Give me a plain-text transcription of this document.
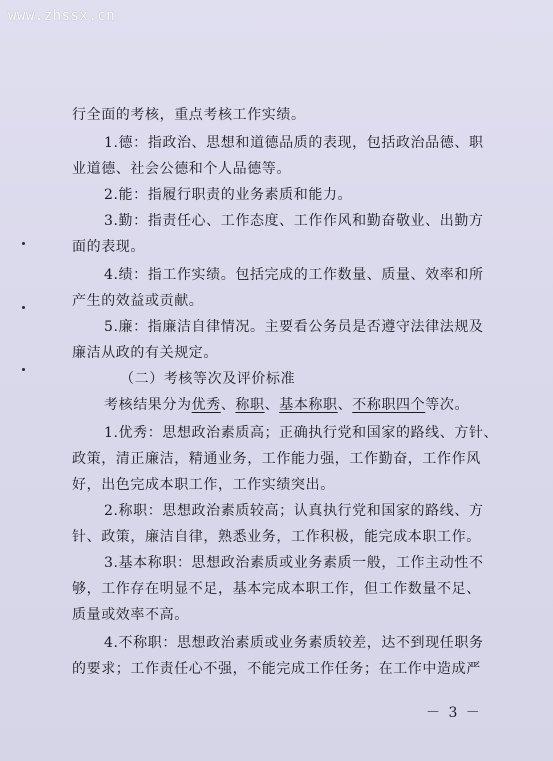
www.zhssx.cn
行全面的考核，重点考核工作实绩。
1.德：指政治、思想和道德品质的表现，包括政治品德、职
业道德、社会公德和个人品德等。
2.能：指履行职责的业务素质和能力。
3.勤：指责任心、工作态度、工作作风和勤奋敬业、出勤方
面的表现。
4.绩：指工作实绩。包括完成的工作数量、质量、效率和所
产生的效益或贡献。
5.廉：指廉洁自律情况。主要看公务员是否遵守法律法规及
廉洁从政的有关规定。
（二）考核等次及评价标准
考核结果分为优秀、称职、基本称职、不称职四个等次。
1.优秀：思想政治素质高；正确执行党和国家的路线、方针、
政策，清正廉洁，精通业务，工作能力强，工作勤奋，工作作风
好，出色完成本职工作，工作实绩突出。
2.称职：思想政治素质较高；认真执行党和国家的路线、方
针、政策，廉洁自律，熟悉业务，工作积极，能完成本职工作。
3.基本称职：思想政治素质或业务素质一般，工作主动性不
够，工作存在明显不足，基本完成本职工作，但工作数量不足、
质量或效率不高。
4.不称职：思想政治素质或业务素质较差，达不到现任职务
的要求；工作责任心不强，不能完成工作任务；在工作中造成严
－ 3 －
